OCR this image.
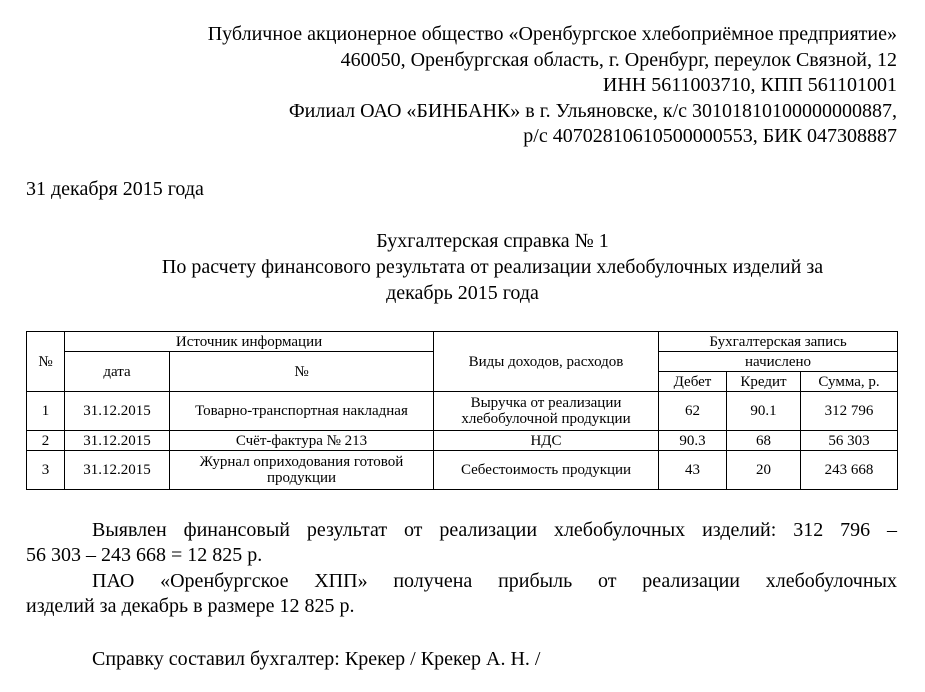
Публичное акционерное общество «Оренбургское хлебоприёмное предприятие»
460050, Оренбургская область, г. Оренбург, переулок Связной, 12
ИНН 5611003710, КПП 561101001
Филиал ОАО «БИНБАНК» в г. Ульяновске, к/с 30101810100000000887,
р/с 40702810610500000553, БИК 047308887
31 декабря 2015 года
Бухгалтерская справка № 1
По расчету финансового результата от реализации хлебобулочных изделий за
декабрь 2015 года
№	Источник информации		Виды доходов, расходов	Бухгалтерская запись		
	дата	№		начислено		
				Дебет	Кредит	Сумма, р.
1	31.12.2015	Товарно-транспортная накладная	Выручка от реализации хлебобулочной продукции	62	90.1	312 796
2	31.12.2015	Счёт-фактура № 213	НДС	90.3	68	56 303
3	31.12.2015	Журнал оприходования готовой продукции	Себестоимость продукции	43	20	243 668
Выявлен финансовый результат от реализации хлебобулочных изделий: 312 796 –
56 303 – 243 668 = 12 825 р.
ПАО «Оренбургское ХПП» получена прибыль от реализации хлебобулочных
изделий за декабрь в размере 12 825 р.
Справку составил бухгалтер: Крекер / Крекер А. Н. /
